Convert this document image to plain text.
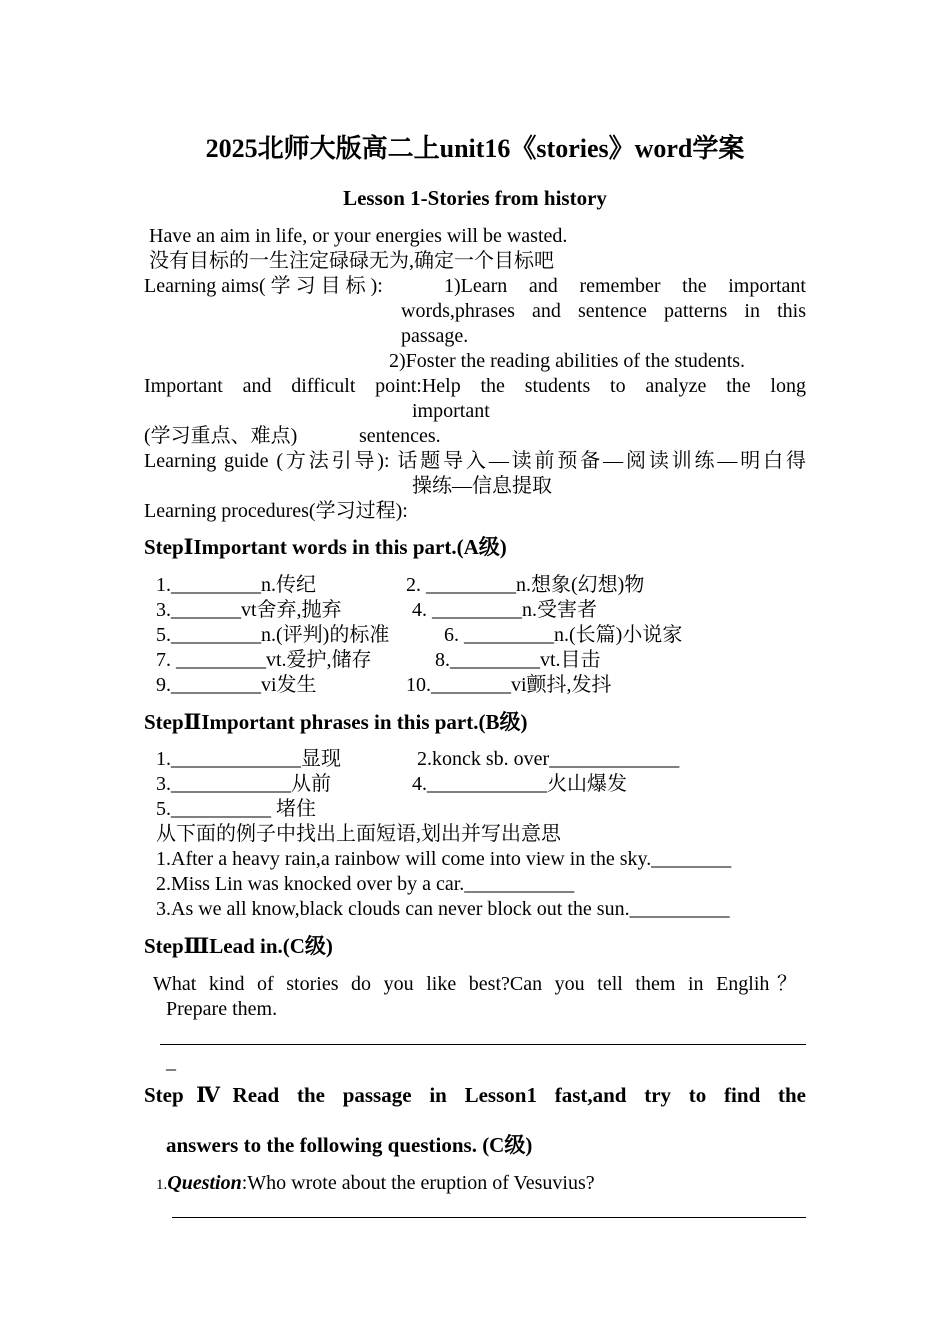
2025北师大版高二上unit16《stories》word学案
Lesson 1-Stories from history
Have an aim in life, or your energies will be wasted.
没有目标的一生注定碌碌无为,确定一个目标吧
Learning aims( 学 习 目 标 ):	1)Learn and remember the important
words,phrases and sentence patterns in this
passage.
2)Foster the reading abilities of the students.
Important and difficult point:Help the students to analyze the long
important
(学习重点、难点)	sentences.
Learning guide (方法引导): 话题导入—读前预备—阅读训练—明白得
操练—信息提取
Learning procedures(学习过程):
StepⅠImportant words in this part.(A级)
1._________n.传纪	2. _________n.想象(幻想)物
3._______vt舍弃,抛弃	4. _________n.受害者
5._________n.(评判)的标准	6. _________n.(长篇)小说家
7. _________vt.爱护,储存	8._________vt.目击
9._________vi发生	10.________vi颤抖,发抖
StepⅡImportant phrases in this part.(B级)
1._____________显现	2.konck sb. over_____________
3.____________从前	4.____________火山爆发
5.__________ 堵住
从下面的例子中找出上面短语,划出并写出意思
1.After a heavy rain,a rainbow will come into view in the sky.________
2.Miss Lin was knocked over by a car.___________
3.As we all know,black clouds can never block out the sun.__________
StepⅢLead in.(C级)
What kind of stories do you like best?Can you tell them in Englih？
Prepare them.
_
StepⅣRead the passage in Lesson1 fast,and try to find the
answers to the following questions. (C级)
1.Question:Who wrote about the eruption of Vesuvius?
